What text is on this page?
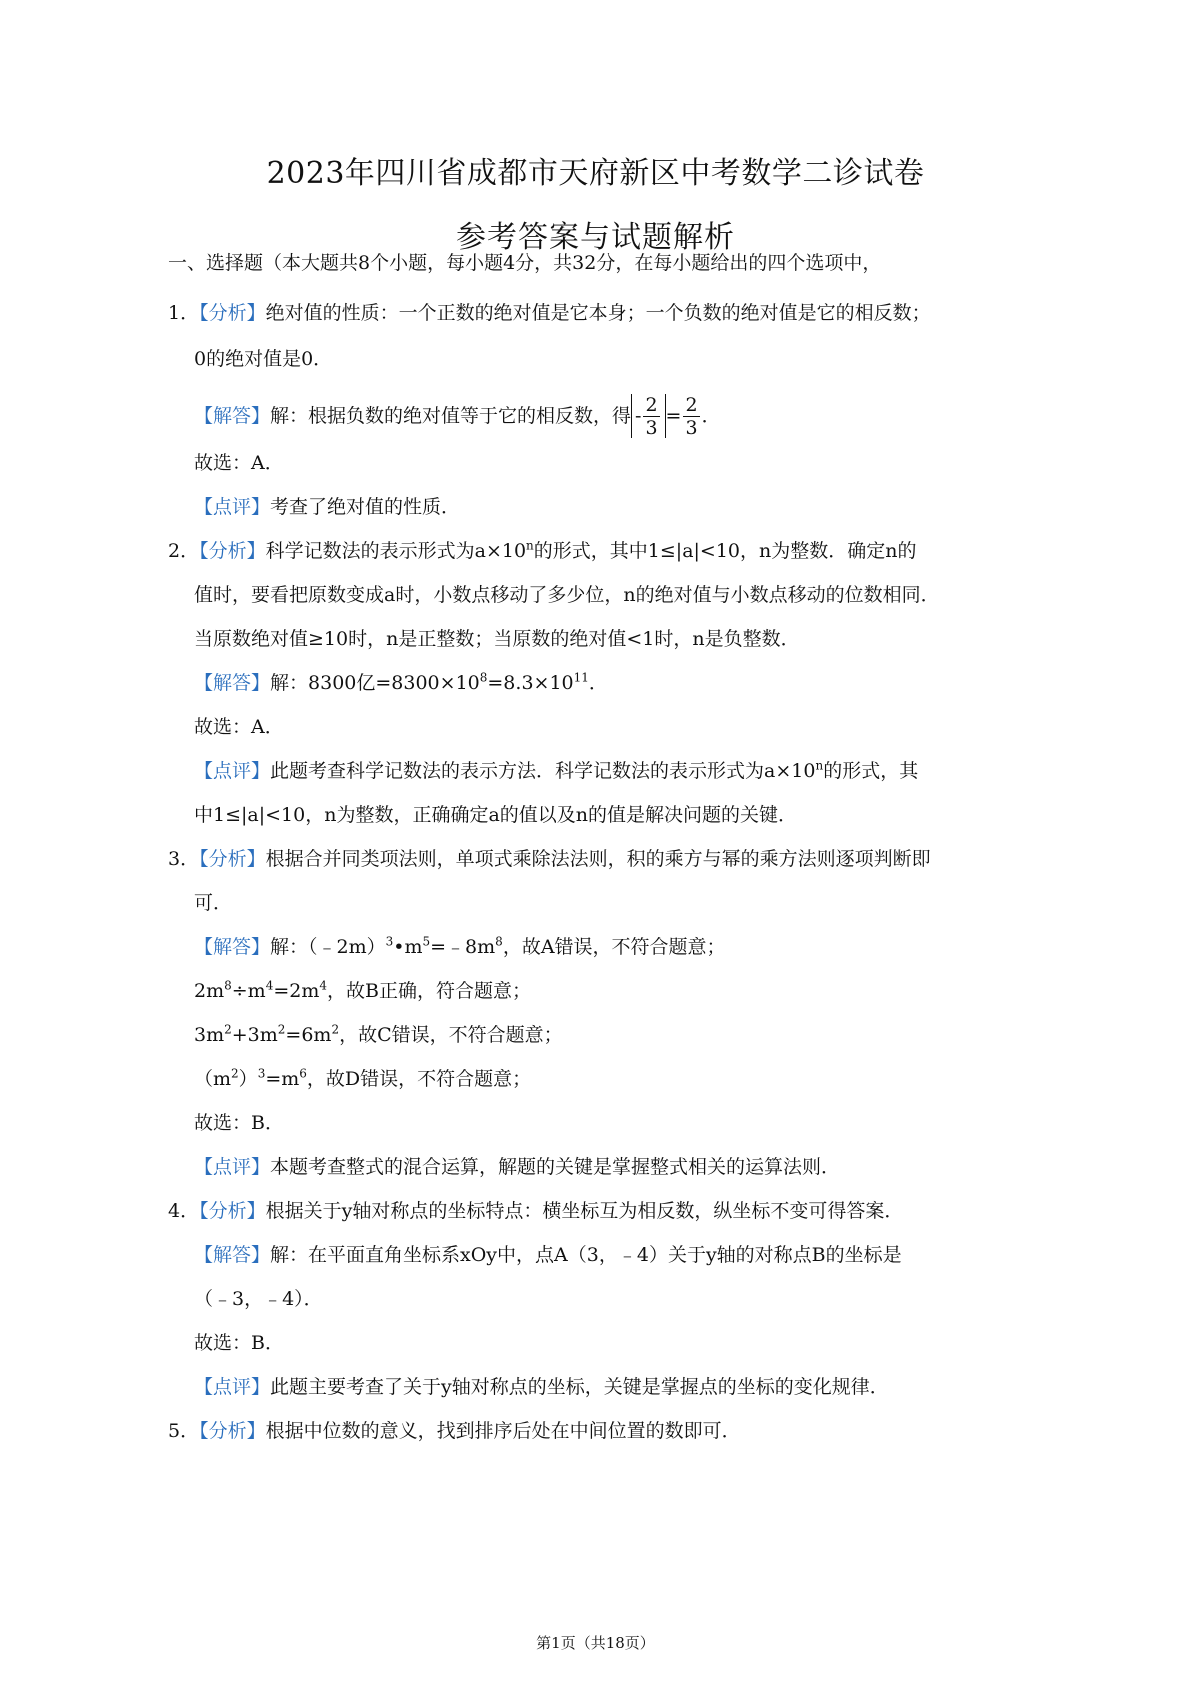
2023年四川省成都市天府新区中考数学二诊试卷
参考答案与试题解析
一、选择题（本大题共8个小题，每小题4分，共32分，在每小题给出的四个选项中，
1．【分析】绝对值的性质：一个正数的绝对值是它本身；一个负数的绝对值是它的相反数；
0的绝对值是0．
【解答】 解：根据负数的绝对值等于它的相反数，得 - $\frac{2}{3} = \frac{2}{3}$ ．
故选：A．
【点评】考查了绝对值的性质．
2．【分析】科学记数法的表示形式为$a\times 10^n$的形式，其中1≤|a|<10，n为整数．确定n的
值时，要看把原数变成a时，小数点移动了多少位，n的绝对值与小数点移动的位数相同．
当原数绝对值≥10时，n是正整数；当原数的绝对值<1时，n是负整数．
【解答】解：8300亿$=8300\times 10^8=8.3\times 10^{11}$．
故选：A．
【点评】此题考查科学记数法的表示方法．科学记数法的表示形式为$a\times 10^n$的形式，其
中1≤|a|<10，n为整数，正确确定a的值以及n的值是解决问题的关键．
3．【分析】根据合并同类项法则，单项式乘除法法则，积的乘方与幂的乘方法则逐项判断即
可．
【解答】解：$(﹣2m)^3•m^5=﹣8m^8$，故A错误，不符合题意；
$2m^8\div m^4=2m^4$，故B正确，符合题意；
$3m^2+3m^2=6m^2$，故C错误，不符合题意；
$(m^2)^3=m^6$，故D错误，不符合题意；
故选：B．
【点评】本题考查整式的混合运算，解题的关键是掌握整式相关的运算法则．
4．【分析】根据关于y轴对称点的坐标特点：横坐标互为相反数，纵坐标不变可得答案．
【解答】解：在平面直角坐标系xOy中，点A（3，﹣4）关于y轴的对称点B的坐标是
（﹣3，﹣4）．
故选：B．
【点评】此题主要考查了关于y轴对称点的坐标，关键是掌握点的坐标的变化规律．
5．【分析】根据中位数的意义，找到排序后处在中间位置的数即可．
第1页（共18页）
